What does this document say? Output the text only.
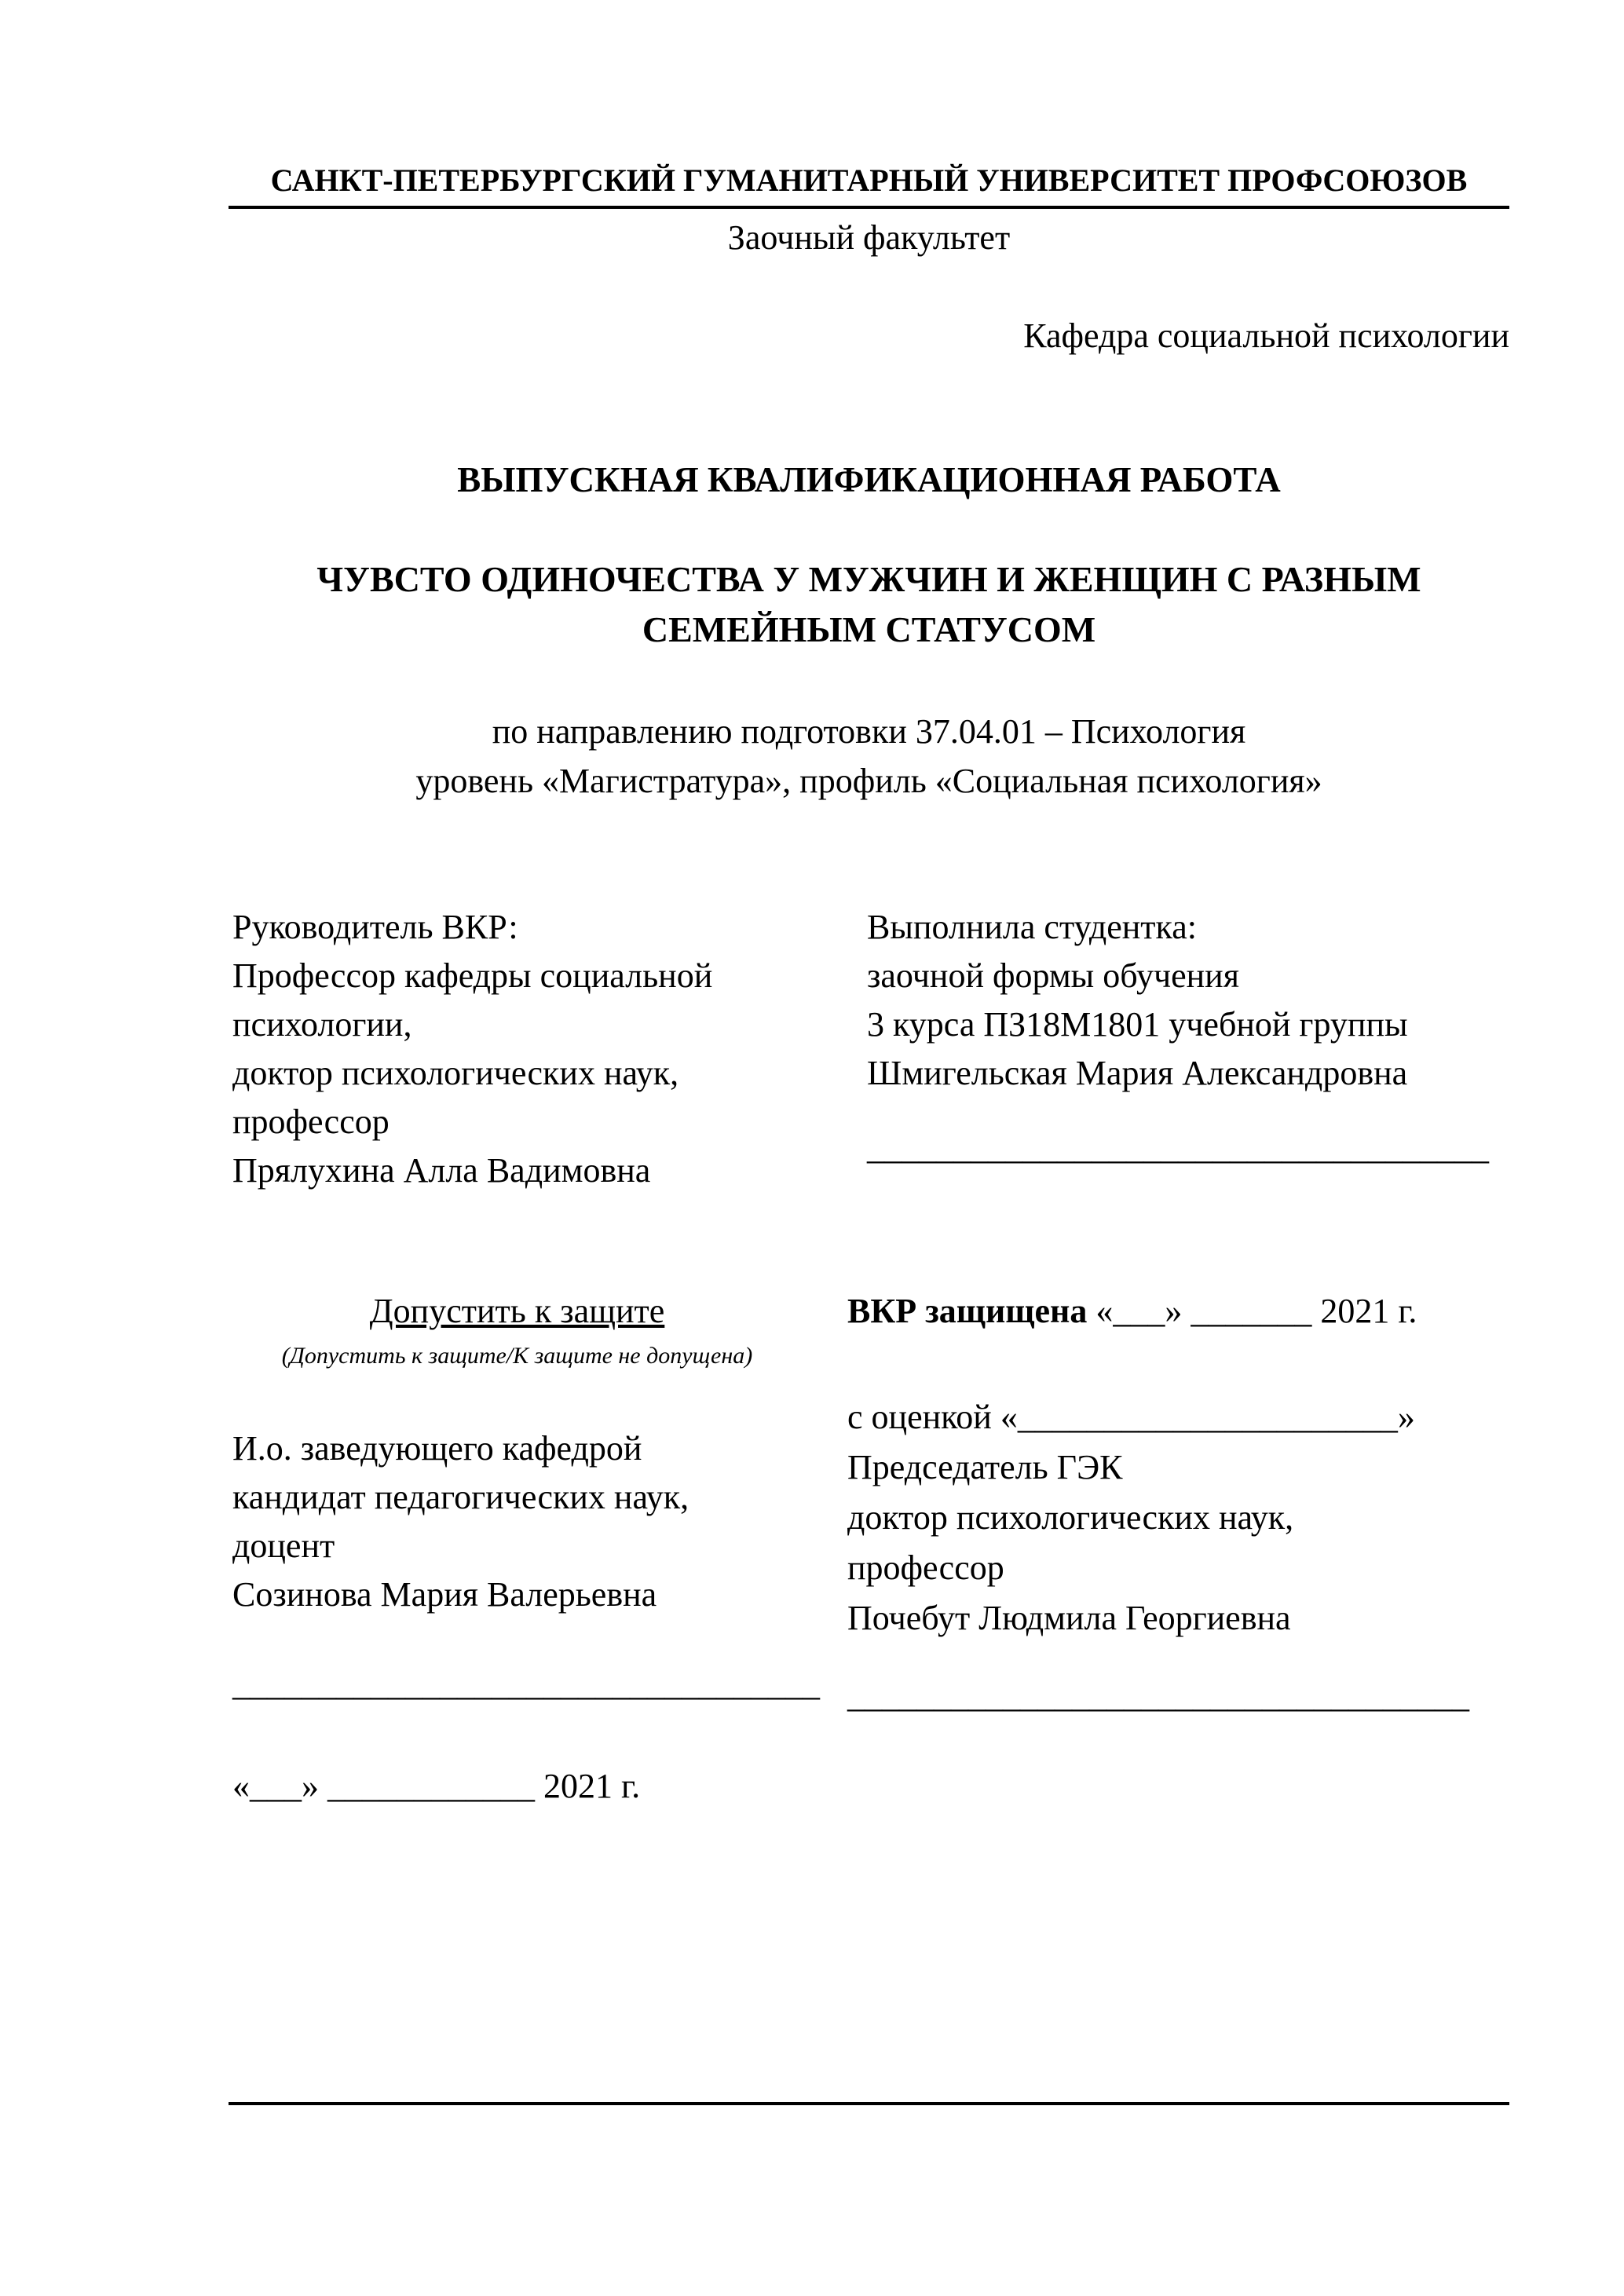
САНКТ-ПЕТЕРБУРГСКИЙ ГУМАНИТАРНЫЙ УНИВЕРСИТЕТ ПРОФСОЮЗОВ
Заочный факультет
Кафедра социальной психологии
ВЫПУСКНАЯ КВАЛИФИКАЦИОННАЯ РАБОТА
ЧУВСТО ОДИНОЧЕСТВА У МУЖЧИН И ЖЕНЩИН С РАЗНЫМ
СЕМЕЙНЫМ СТАТУСОМ
по направлению подготовки 37.04.01 – Психология
уровень «Магистратура», профиль «Социальная психология»
Руководитель ВКР:
Профессор кафедры социальной
психологии,
доктор психологических наук,
профессор
Прялухина Алла Вадимовна
Выполнила студентка:
заочной формы обучения
3 курса ПЗ18М1801 учебной группы
Шмигельская Мария Александровна
____________________________________
Допустить к защите
(Допустить к защите/К защите не допущена)
ВКР защищена «___» _______ 2021 г.
И.о. заведующего кафедрой
кандидат педагогических наук,
доцент
Созинова Мария Валерьевна
__________________________________
«___» ____________ 2021 г.
с оценкой «______________________»
Председатель ГЭК
доктор психологических наук,
профессор
Почебут Людмила Георгиевна
____________________________________
